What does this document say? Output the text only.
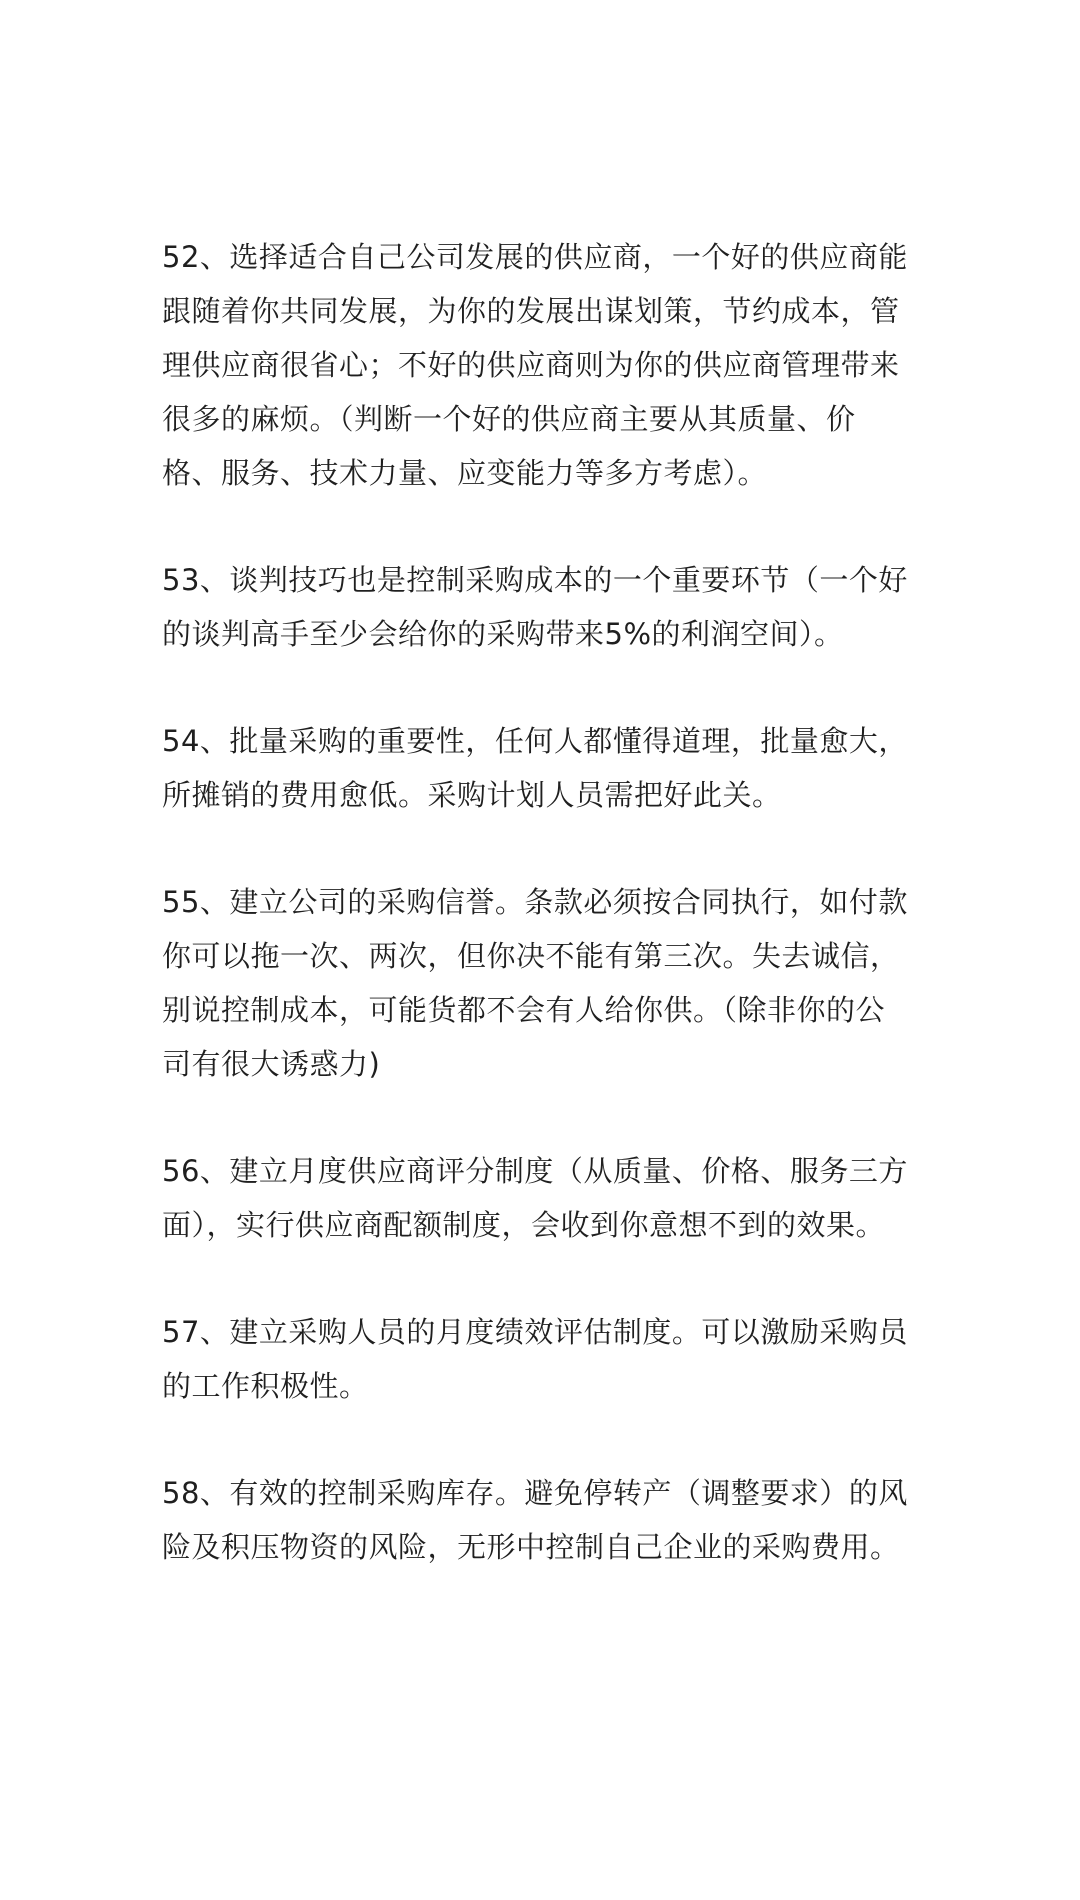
52、选择适合自己公司发展的供应商，一个好的供应商能
跟随着你共同发展，为你的发展出谋划策，节约成本，管
理供应商很省心；不好的供应商则为你的供应商管理带来
很多的麻烦。（判断一个好的供应商主要从其质量、价
格、服务、技术力量、应变能力等多方考虑）。
53、谈判技巧也是控制采购成本的一个重要环节（一个好
的谈判高手至少会给你的采购带来5%的利润空间）。
54、批量采购的重要性，任何人都懂得道理，批量愈大，
所摊销的费用愈低。采购计划人员需把好此关。
55、建立公司的采购信誉。条款必须按合同执行，如付款
你可以拖一次、两次，但你决不能有第三次。失去诚信，
别说控制成本，可能货都不会有人给你供。（除非你的公
司有很大诱惑力)
56、建立月度供应商评分制度（从质量、价格、服务三方
面），实行供应商配额制度，会收到你意想不到的效果。
57、建立采购人员的月度绩效评估制度。可以激励采购员
的工作积极性。
58、有效的控制采购库存。避免停转产（调整要求）的风
险及积压物资的风险，无形中控制自己企业的采购费用。
